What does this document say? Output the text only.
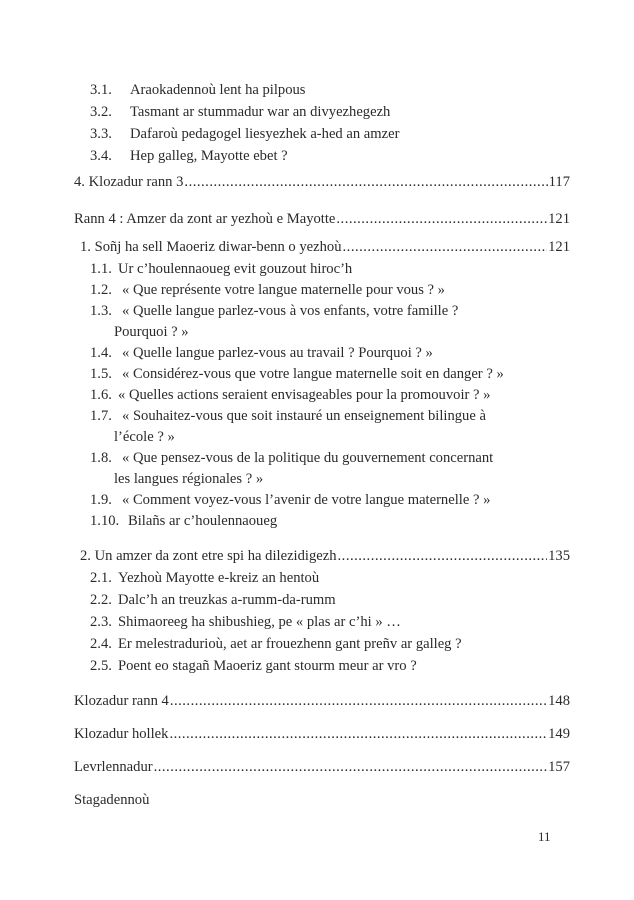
3.1. Araokadennoù lent ha pilpous
3.2. Tasmant ar stummadur war an divyezhegezh
3.3. Dafaroù pedagogel liesyezhek a-hed an amzer
3.4. Hep galleg, Mayotte ebet ?
4. Klozadur rann 3 .....	117
Rann 4 : Amzer da zont ar yezhoù e Mayotte .....	121
1. Soñj ha sell Maoeriz diwar-benn o yezhoù .....	121
1.1. Ur c’houlennaoueg evit gouzout hiroc’h
1.2. « Que représente votre langue maternelle pour vous ? »
1.3. « Quelle langue parlez-vous à vos enfants, votre famille ?
Pourquoi ? »
1.4. « Quelle langue parlez-vous au travail ? Pourquoi ? »
1.5. « Considérez-vous que votre langue maternelle soit en danger ? »
1.6. « Quelles actions seraient envisageables pour la promouvoir ? »
1.7. « Souhaitez-vous que soit instauré un enseignement bilingue à
l’école ? »
1.8. « Que pensez-vous de la politique du gouvernement concernant
les langues régionales ? »
1.9. « Comment voyez-vous l’avenir de votre langue maternelle ? »
1.10. Bilañs ar c’houlennaoueg
2. Un amzer da zont etre spi ha dilezidigezh .....	135
2.1. Yezhoù Mayotte e-kreiz an hentoù
2.2. Dalc’h an treuzkas a-rumm-da-rumm
2.3. Shimaoreeg ha shibushieg, pe « plas ar c’hi » …
2.4. Er melestradurioù, aet ar frouezhenn gant preñv ar galleg ?
2.5. Poent eo stagañ Maoeriz gant stourm meur ar vro ?
Klozadur rann 4 .....	148
Klozadur hollek .....	149
Levrlennadur .....	157
Stagadennoù
11
